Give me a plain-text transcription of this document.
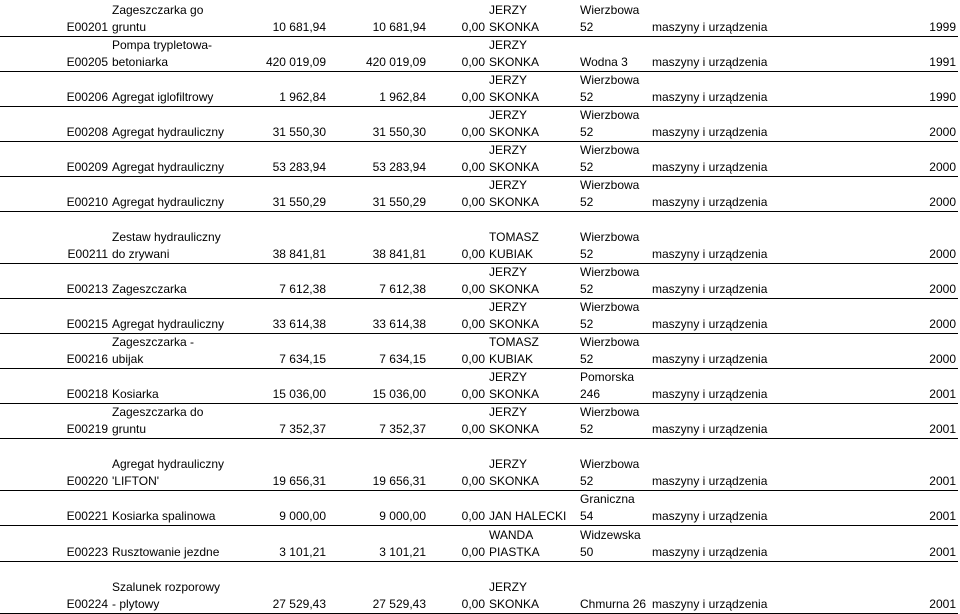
E00201	Zageszczarka go gruntu	10 681,94	10 681,94	0,00	JERZY SKONKA	Wierzbowa 52	maszyny i urządzenia	1999
E00205	Pompa trypletowa-betoniarka	420 019,09	420 019,09	0,00	JERZY SKONKA	Wodna 3	maszyny i urządzenia	1991
E00206	Agregat iglofiltrowy	1 962,84	1 962,84	0,00	JERZY SKONKA	Wierzbowa 52	maszyny i urządzenia	1990
E00208	Agregat hydrauliczny	31 550,30	31 550,30	0,00	JERZY SKONKA	Wierzbowa 52	maszyny i urządzenia	2000
E00209	Agregat hydrauliczny	53 283,94	53 283,94	0,00	JERZY SKONKA	Wierzbowa 52	maszyny i urządzenia	2000
E00210	Agregat hydrauliczny	31 550,29	31 550,29	0,00	JERZY SKONKA	Wierzbowa 52	maszyny i urządzenia	2000
E00211	Zestaw hydrauliczny do zrywani	38 841,81	38 841,81	0,00	TOMASZ KUBIAK	Wierzbowa 52	maszyny i urządzenia	2000
E00213	Zageszczarka	7 612,38	7 612,38	0,00	JERZY SKONKA	Wierzbowa 52	maszyny i urządzenia	2000
E00215	Agregat hydrauliczny	33 614,38	33 614,38	0,00	JERZY SKONKA	Wierzbowa 52	maszyny i urządzenia	2000
E00216	Zageszczarka - ubijak	7 634,15	7 634,15	0,00	TOMASZ KUBIAK	Wierzbowa 52	maszyny i urządzenia	2000
E00218	Kosiarka	15 036,00	15 036,00	0,00	JERZY SKONKA	Pomorska 246	maszyny i urządzenia	2001
E00219	Zageszczarka do gruntu	7 352,37	7 352,37	0,00	JERZY SKONKA	Wierzbowa 52	maszyny i urządzenia	2001
E00220	Agregat hydrauliczny 'LIFTON'	19 656,31	19 656,31	0,00	JERZY SKONKA	Wierzbowa 52	maszyny i urządzenia	2001
E00221	Kosiarka spalinowa	9 000,00	9 000,00	0,00	JAN HALECKI	Graniczna 54	maszyny i urządzenia	2001
E00223	Rusztowanie jezdne	3 101,21	3 101,21	0,00	WANDA PIASTKA	Widzewska 50	maszyny i urządzenia	2001
E00224	Szalunek rozporowy - plytowy	27 529,43	27 529,43	0,00	JERZY SKONKA	Chmurna 26	maszyny i urządzenia	2001
